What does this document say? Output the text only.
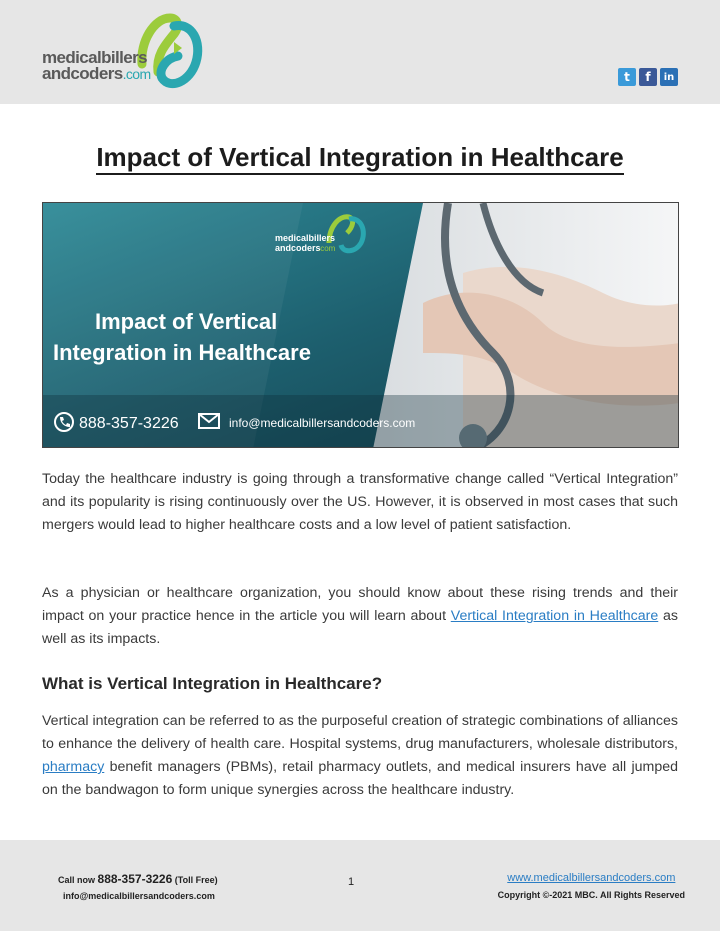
medicalbillers
andcoders.com	t	f	in
Impact of Vertical Integration in Healthcare
medicalbillers
andcoders
.com
Impact of Vertical
Integration in Healthcare
888-357-3226	info@medicalbillersandcoders.com

Today the healthcare industry is going through a transformative change called “Vertical Integration” and its popularity is rising continuously over the US. However, it is observed in most cases that such mergers would lead to higher healthcare costs and a low level of patient satisfaction.

As a physician or healthcare organization, you should know about these rising trends and their impact on your practice hence in the article you will learn about Vertical Integration in Healthcare as well as its impacts.

What is Vertical Integration in Healthcare?

Vertical integration can be referred to as the purposeful creation of strategic combinations of alliances to enhance the delivery of health care. Hospital systems, drug manufacturers, wholesale distributors, pharmacy benefit managers (PBMs), retail pharmacy outlets, and medical insurers have all jumped on the bandwagon to form unique synergies across the healthcare industry.

Call now 888-357-3226 (Toll Free)
info@medicalbillersandcoders.com
1	www.medicalbillersandcoders.com
Copyright ©-2021 MBC. All Rights Reserved
